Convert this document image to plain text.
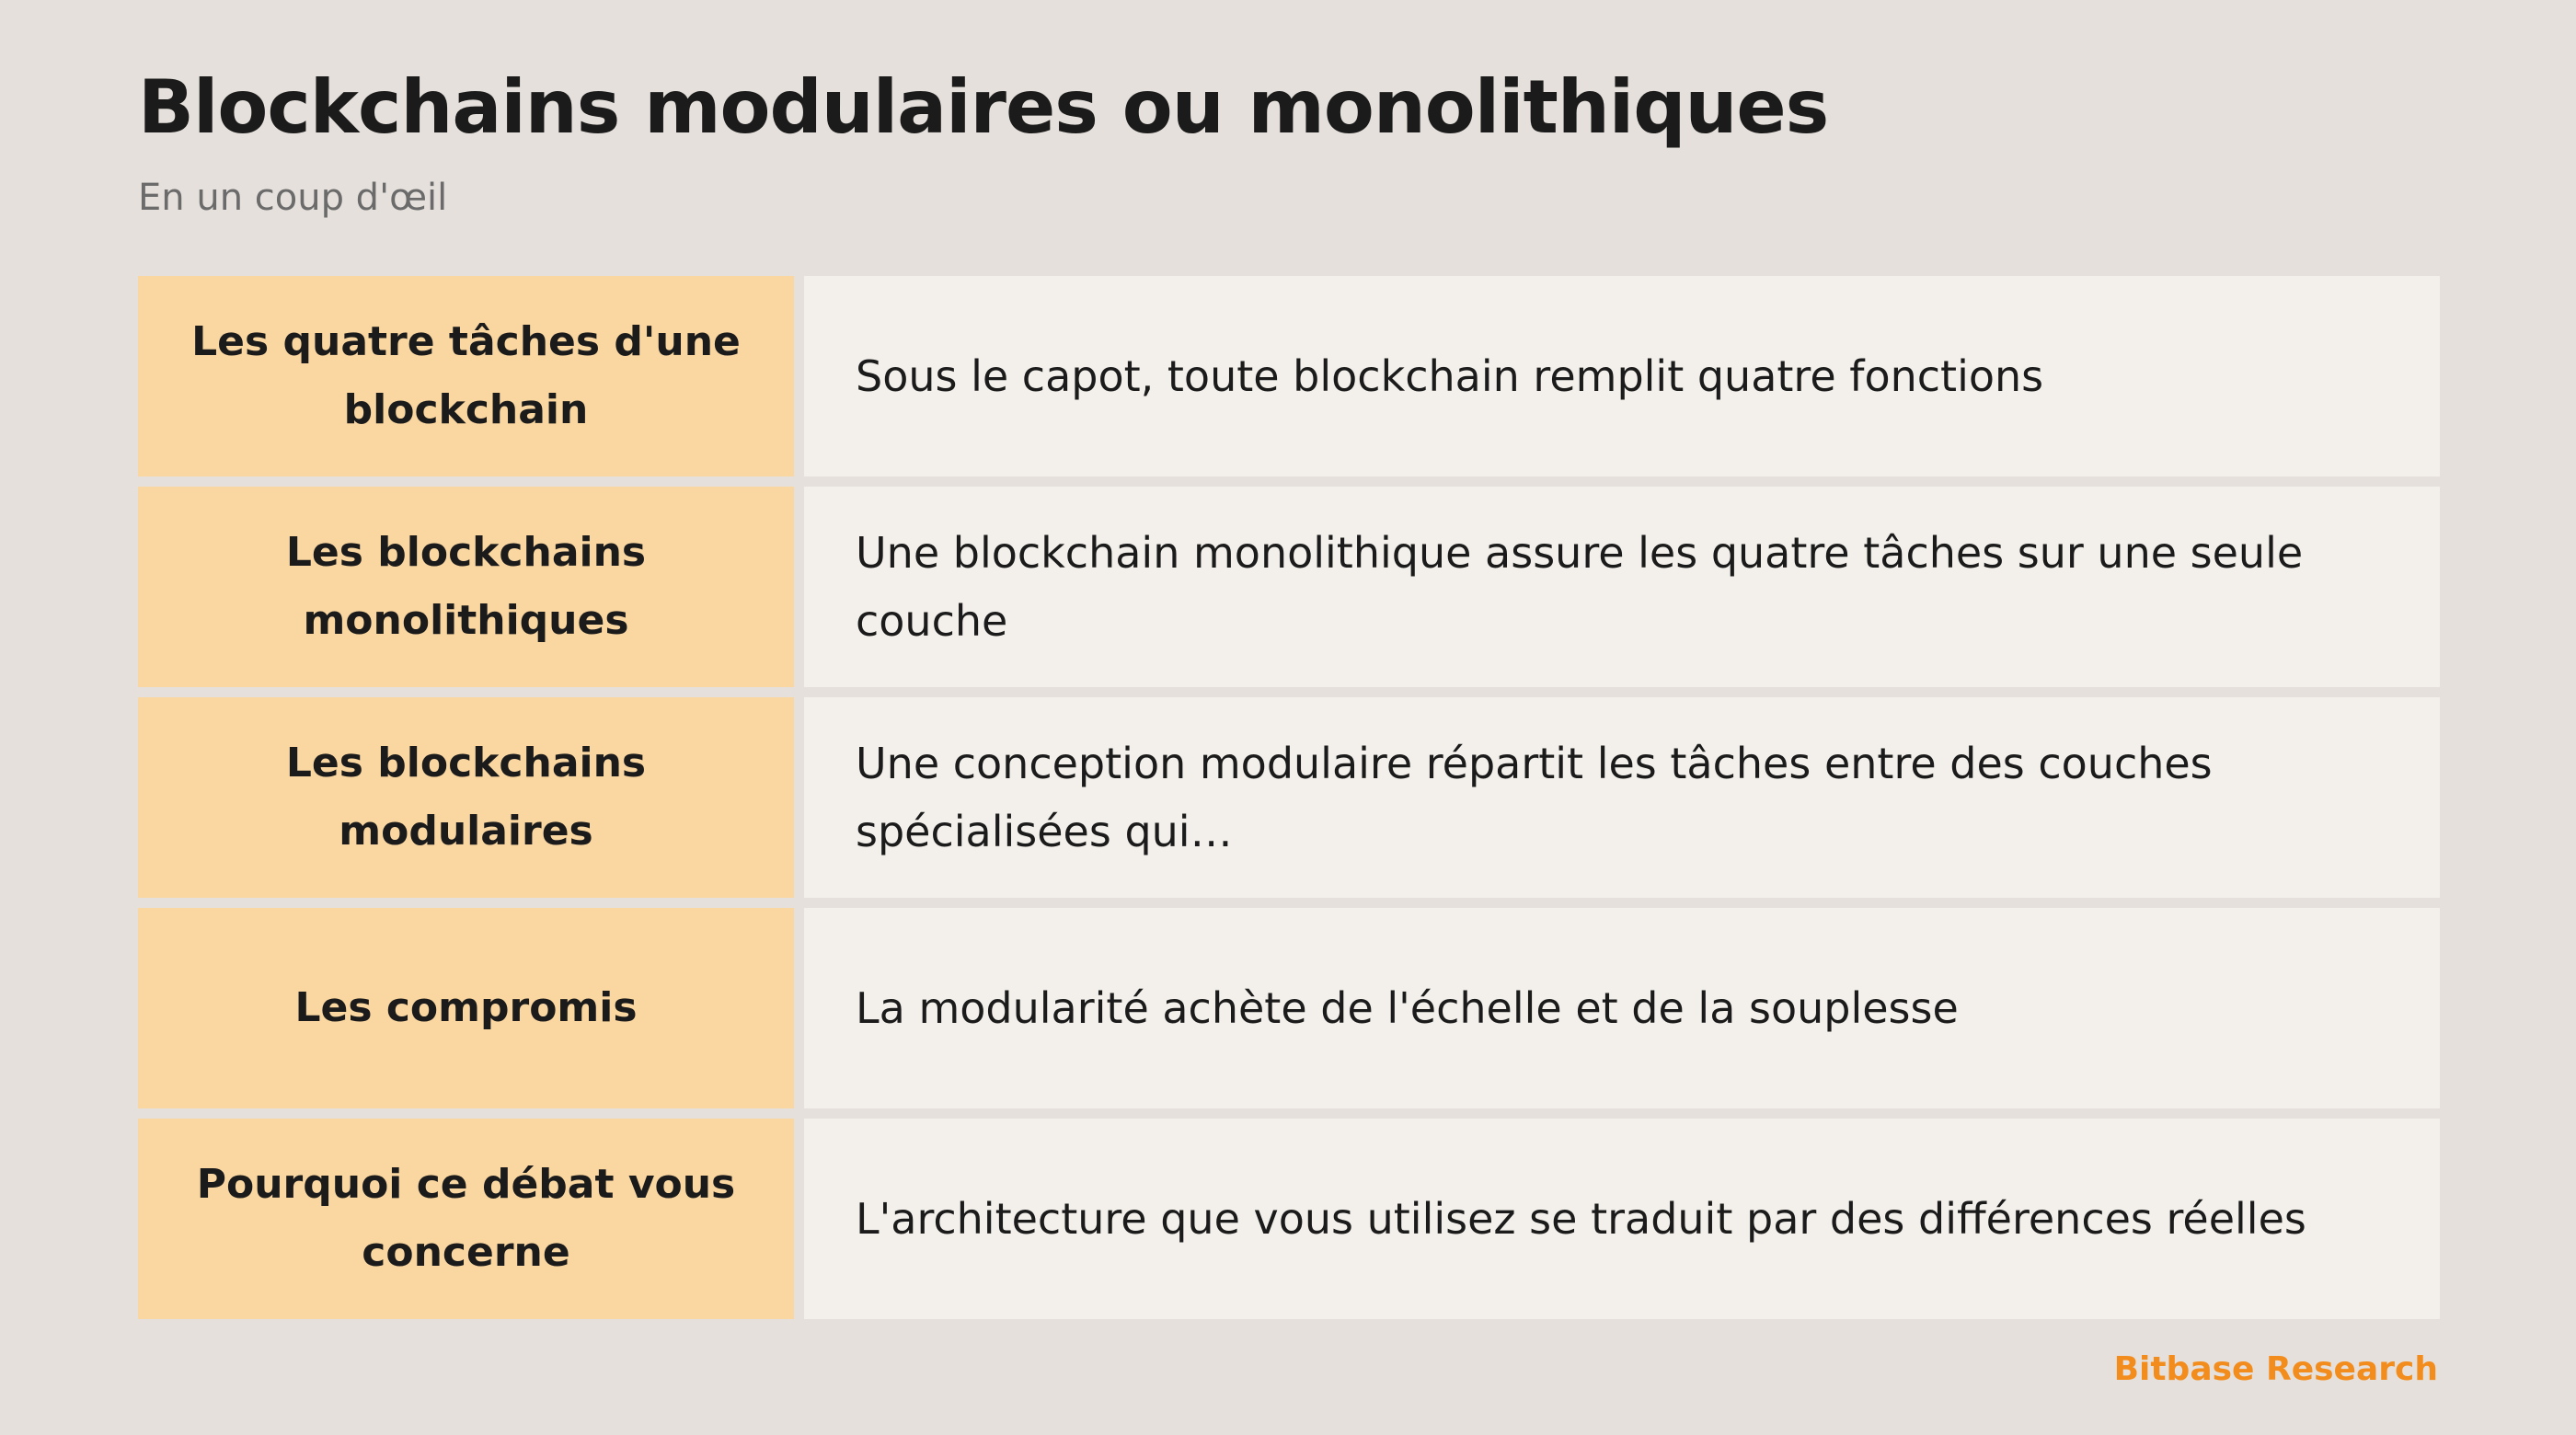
Blockchains modulaires ou monolithiques
En un coup d'œil
Les quatre tâches d'une blockchain
Sous le capot, toute blockchain remplit quatre fonctions
Les blockchains monolithiques
Une blockchain monolithique assure les quatre tâches sur une seule couche
Les blockchains modulaires
Une conception modulaire répartit les tâches entre des couches spécialisées qui…
Les compromis	La modularité achète de l'échelle et de la souplesse
Pourquoi ce débat vous concerne
L'architecture que vous utilisez se traduit par des différences réelles
Bitbase Research
